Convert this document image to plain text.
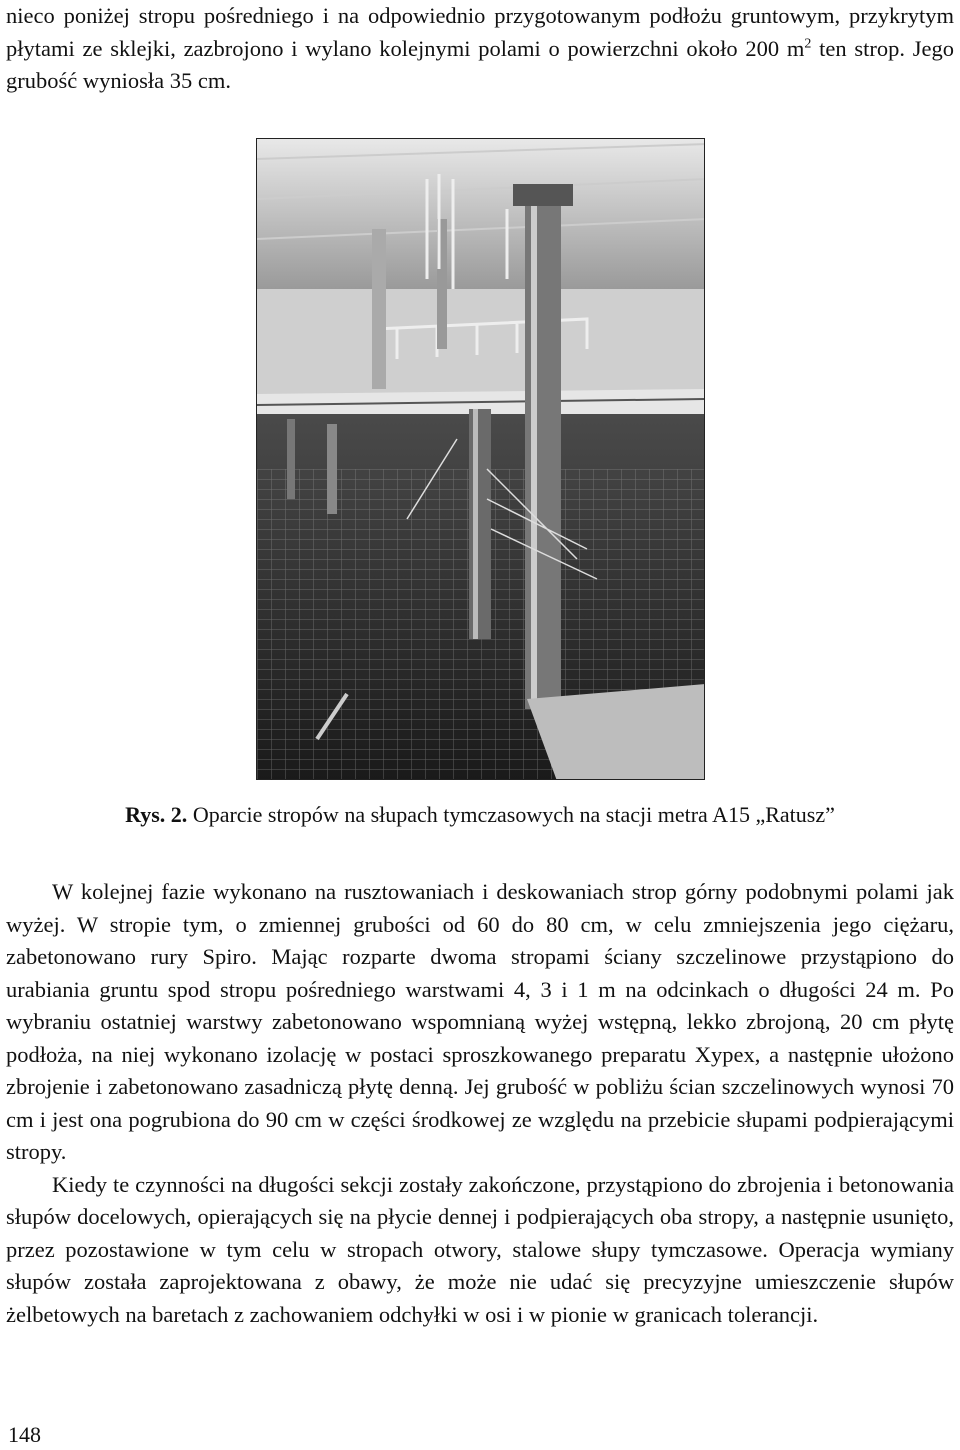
nieco poniżej stropu pośredniego i na odpowiednio przygotowanym podłożu gruntowym, przykrytym płytami ze sklejki, zazbrojono i wylano kolejnymi polami o powierzchni około 200 $m^2$ ten strop. Jego grubość wyniosła 35 cm.

Rys. 2. Oparcie stropów na słupach tymczasowych na stacji metra A15 „Ratusz”

W kolejnej fazie wykonano na rusztowaniach i deskowaniach strop górny podobnymi polami jak wyżej. W stropie tym, o zmiennej grubości od 60 do 80 cm, w celu zmniejszenia jego ciężaru, zabetonowano rury Spiro. Mając rozparte dwoma stropami ściany szczelinowe przystąpiono do urabiania gruntu spod stropu pośredniego warstwami 4, 3 i 1 m na odcinkach o długości 24 m. Po wybraniu ostatniej warstwy zabetonowano wspomnianą wyżej wstępną, lekko zbrojoną, 20 cm płytę podłoża, na niej wykonano izolację w postaci sproszkowanego preparatu Xypex, a następnie ułożono zbrojenie i zabetonowano zasadniczą płytę denną. Jej grubość w pobliżu ścian szczelinowych wynosi 70 cm i jest ona pogrubiona do 90 cm w części środkowej ze względu na przebicie słupami podpierającymi stropy.

Kiedy te czynności na długości sekcji zostały zakończone, przystąpiono do zbrojenia i betonowania słupów docelowych, opierających się na płycie dennej i podpierających oba stropy, a następnie usunięto, przez pozostawione w tym celu w stropach otwory, stalowe słupy tymczasowe. Operacja wymiany słupów została zaprojektowana z obawy, że może nie udać się precyzyjne umieszczenie słupów żelbetowych na baretach z zachowaniem odchyłki w osi i w pionie w granicach tolerancji.

148
